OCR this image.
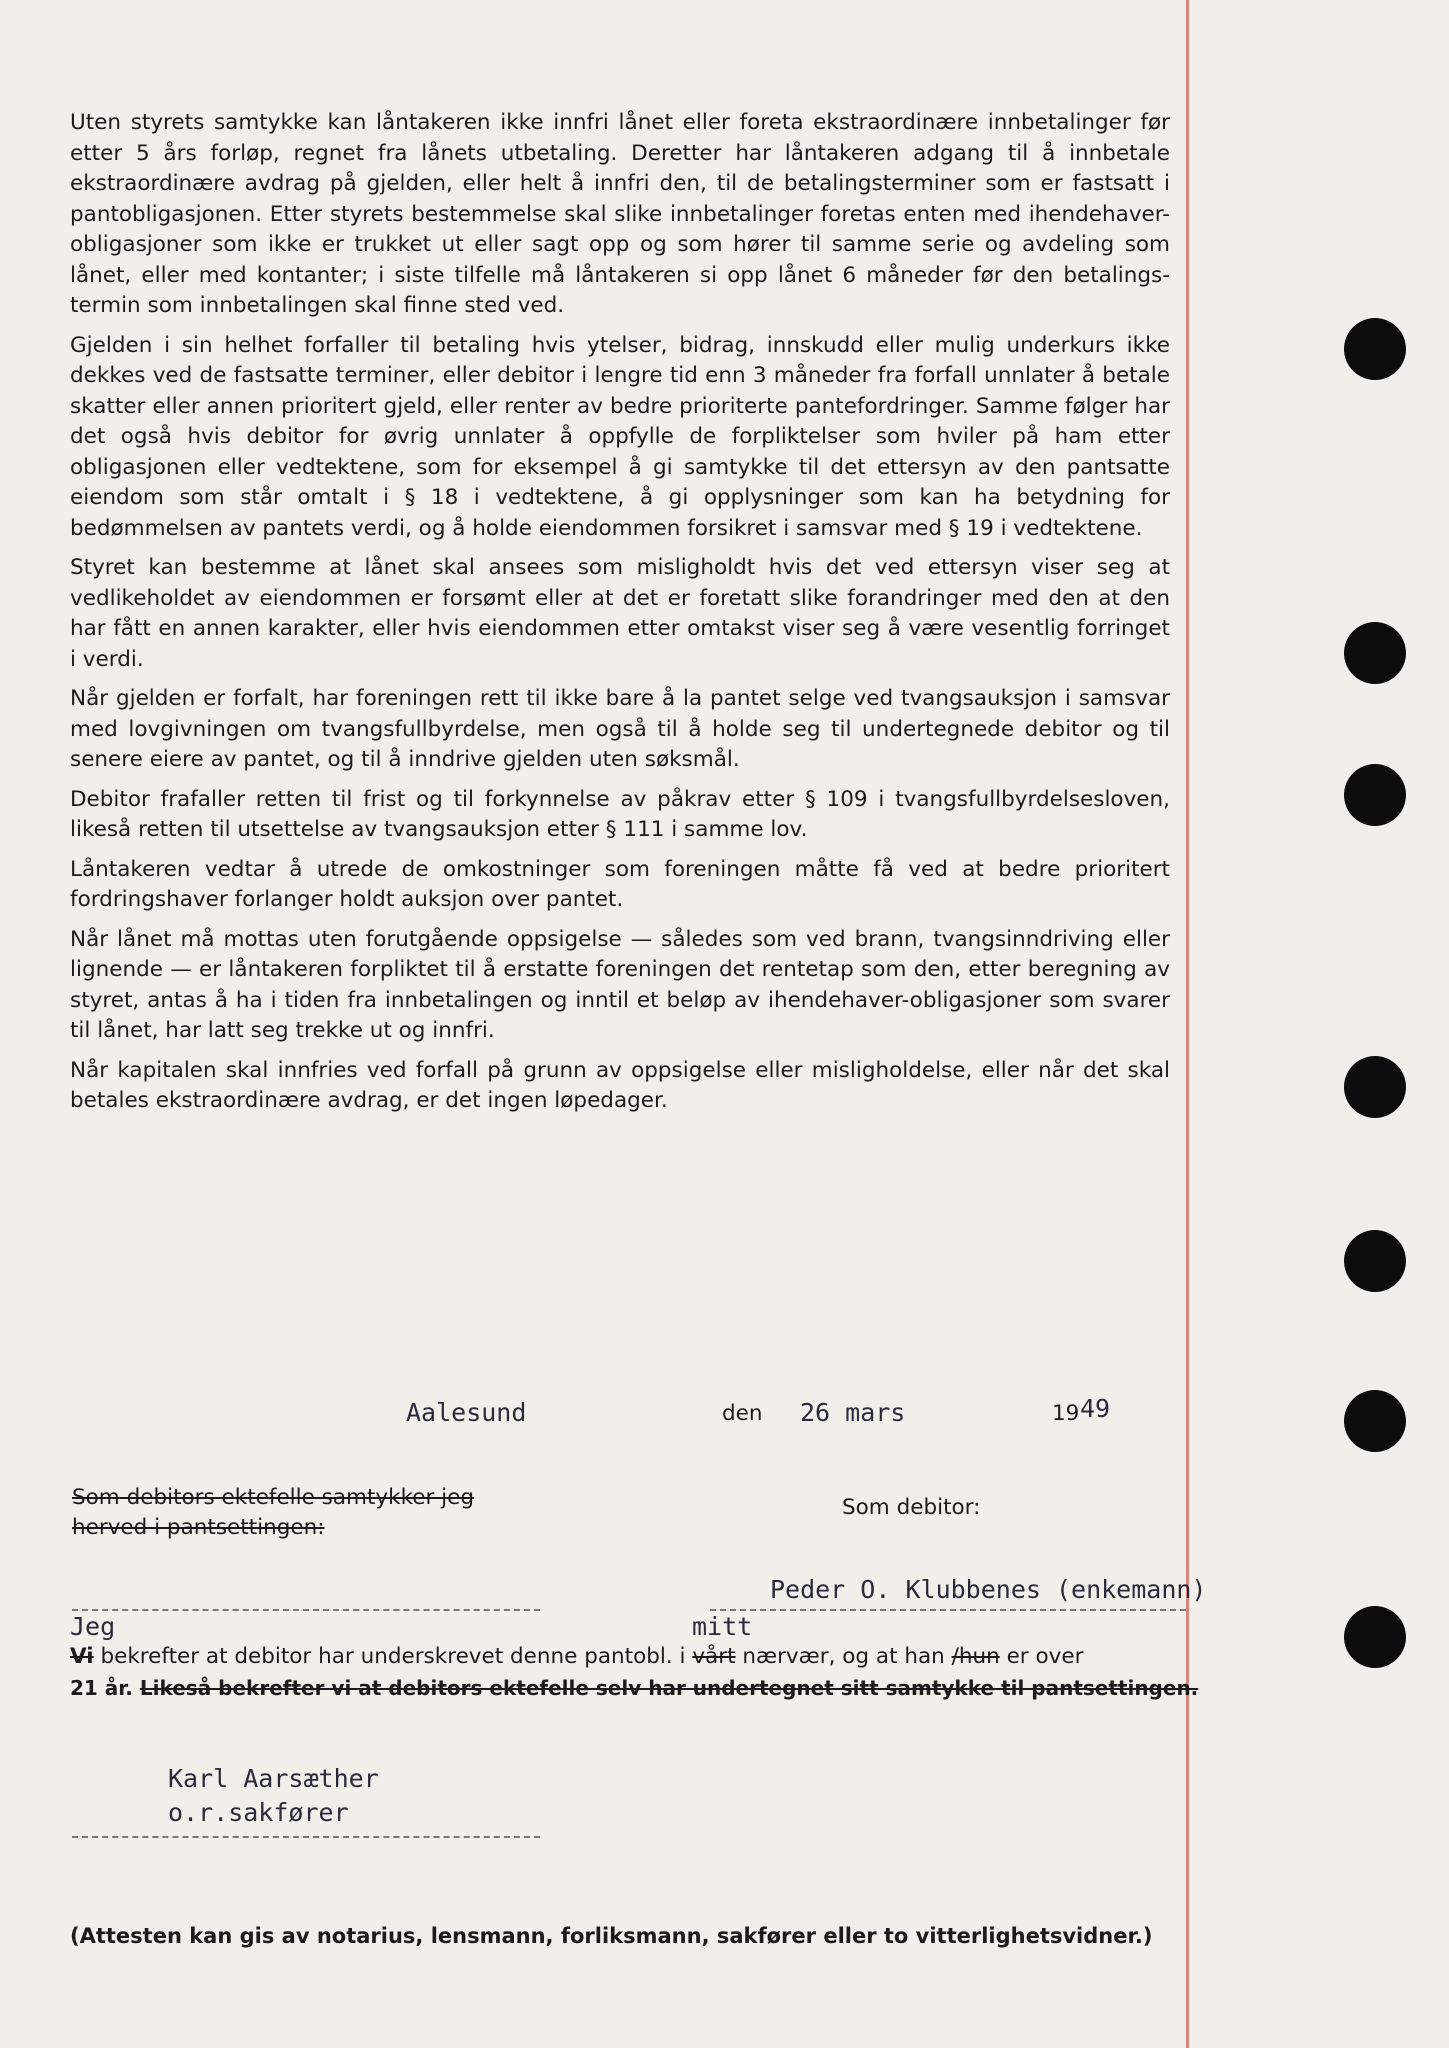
Uten styrets samtykke kan låntakeren ikke innfri lånet eller foreta ekstraordinære innbetalinger før etter 5 års forløp, regnet fra lånets utbetaling. Deretter har låntakeren adgang til å innbetale ekstraordinære avdrag på gjelden, eller helt å innfri den, til de betalingsterminer som er fastsatt i pantobligasjonen. Etter styrets bestemmelse skal slike innbetalinger foretas enten med ihendehaver-obligasjoner som ikke er trukket ut eller sagt opp og som hører til samme serie og avdeling som lånet, eller med kontanter; i siste tilfelle må låntakeren si opp lånet 6 måneder før den betalings-termin som innbetalingen skal finne sted ved.

Gjelden i sin helhet forfaller til betaling hvis ytelser, bidrag, innskudd eller mulig underkurs ikke dekkes ved de fastsatte terminer, eller debitor i lengre tid enn 3 måneder fra forfall unnlater å betale skatter eller annen prioritert gjeld, eller renter av bedre prioriterte pantefordringer. Samme følger har det også hvis debitor for øvrig unnlater å oppfylle de forpliktelser som hviler på ham etter obligasjonen eller vedtektene, som for eksempel å gi samtykke til det ettersyn av den pantsatte eiendom som står omtalt i § 18 i vedtektene, å gi opplysninger som kan ha betydning for bedømmelsen av pantets verdi, og å holde eiendommen forsikret i samsvar med § 19 i vedtektene.

Styret kan bestemme at lånet skal ansees som misligholdt hvis det ved ettersyn viser seg at vedlikeholdet av eiendommen er forsømt eller at det er foretatt slike forandringer med den at den har fått en annen karakter, eller hvis eiendommen etter omtakst viser seg å være vesentlig forringet i verdi.

Når gjelden er forfalt, har foreningen rett til ikke bare å la pantet selge ved tvangsauksjon i samsvar med lovgivningen om tvangsfullbyrdelse, men også til å holde seg til undertegnede debitor og til senere eiere av pantet, og til å inndrive gjelden uten søksmål.

Debitor frafaller retten til frist og til forkynnelse av påkrav etter § 109 i tvangsfullbyrdelsesloven, likeså retten til utsettelse av tvangsauksjon etter § 111 i samme lov.

Låntakeren vedtar å utrede de omkostninger som foreningen måtte få ved at bedre prioritert fordringshaver forlanger holdt auksjon over pantet.

Når lånet må mottas uten forutgående oppsigelse — således som ved brann, tvangsinndriving eller lignende — er låntakeren forpliktet til å erstatte foreningen det rentetap som den, etter beregning av styret, antas å ha i tiden fra innbetalingen og inntil et beløp av ihendehaver-obligasjoner som svarer til lånet, har latt seg trekke ut og innfri.

Når kapitalen skal innfries ved forfall på grunn av oppsigelse eller misligholdelse, eller når det skal betales ekstraordinære avdrag, er det ingen løpedager.

Aalesund	den 26 mars	19 49
Som debitors ektefelle samtykker jeg
herved i pantsettingen:
Som debitor:
Peder O. Klubbenes (enkemann)
Jeg	mitt
Vi bekrefter at debitor har underskrevet denne pantobl. i vårt nærvær, og at han /hun er over
21 år. Likeså bekrefter vi at debitors ektefelle selv har undertegnet sitt samtykke til pantsettingen.
Karl Aarsæther
o.r.sakfører
(Attesten kan gis av notarius, lensmann, forliksmann, sakfører eller to vitterlighetsvidner.)
